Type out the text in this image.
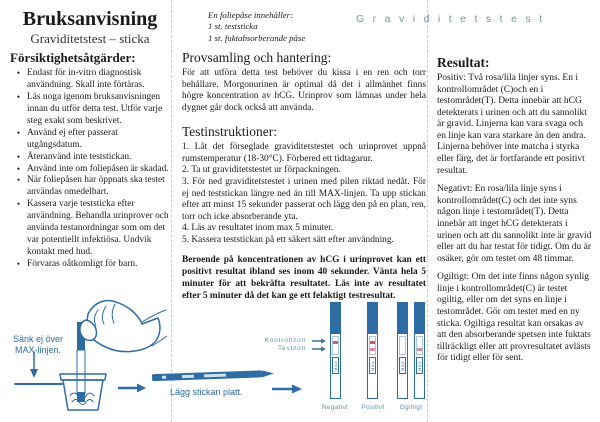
Bruksanvisning
Graviditetstest – sticka
Försiktighetsåtgärder:
• Endast för in-vitro diagnostisk användning. Skall inte förtäras.
• Läs noga igenom bruksanvisningen innan du utför detta test. Utför varje steg exakt som beskrivet.
• Använd ej efter passerat utgångsdatum.
• Återanvänd inte teststickan.
• Använd inte om foliepåsen är skadad.
• När foliepåsen har öppnats ska testet användas omedelbart.
• Kassera varje teststicka efter användning. Behandla urinprover och använda testanordningar som om det var potentiellt infektiösa. Undvik kontakt med hud.
• Förvaras oåtkomligt för barn.
En foliepåse innehåller:
1 st. teststicka
1 st. fuktabsorberande påse
Graviditetstest
Provsamling och hantering:
För att utföra detta test behöver du kissa i en ren och torr behållare. Morgonurinen är optimal då det i allmänhet finns högre koncentration av hCG. Urinprov som lämnas under hela dygnet går dock också att använda.
Testinstruktioner:
1. Låt det förseglade graviditetstestet och urinprovet uppnå rumstemperatur (18-30°C). Förbered ett tidtagarur.
2. Ta ut graviditetstestet ur förpackningen.
3. För ned graviditetstestet i urinen med pilen riktad nedåt. För ej ned teststickan längre ned än till MAX-linjen. Ta upp stickan efter att minst 15 sekunder passerat och lägg den på en plan, ren, torr och icke absorberande yta.
4. Läs av resultatet inom max 5 minuter.
5. Kassera teststickan på ett säkert sätt efter användning.
Beroende på koncentrationen av hCG i urinprovet kan ett positivt resultat ibland ses inom 40 sekunder. Vänta hela 5 minuter för att bekräfta resultatet. Läs inte av resultatet efter 5 minuter då det kan ge ett felaktigt testresultat.
Resultat:
Positiv: Två rosa/lila linjer syns. En i kontrollområdet (C)och en i testområdet(T). Detta innebär att hCG detekterats i urinen och att du sannolikt är gravid. Linjerna kan vara svaga och en linje kan vara starkare än den andra. Linjerna behöver inte matcha i styrka eller färg, det är fortfarande ett positivt resultat.
Negativt: En rosa/lila linje syns i kontrollområdet(C) och det inte syns någon linje i testområdet(T). Detta innebär att inget hCG detekterats i urinen och att du sannolikt inte är gravid eller att du har testat för tidigt. Om du är osäker, gör om testet om 48 timmar.
Ogiltigt: Om det inte finns någon synlig linje i kontrollområdet(C) är testet ogiltig, eller om det syns en linje i testområdet. Gör om testet med en ny sticka. Ogiltiga resultat kan orsakas av att den absorberande spetsen inte fuktats tillräckligt eller att provresultatet avlästs för tidigt eller för sent.
Sänk ej över MAX-linjen.
Lägg stickan platt.
Kontrollzon
Testzon
MAX	MAX	MAX	MAX
Negativt	Positivt	Ogiltigt
